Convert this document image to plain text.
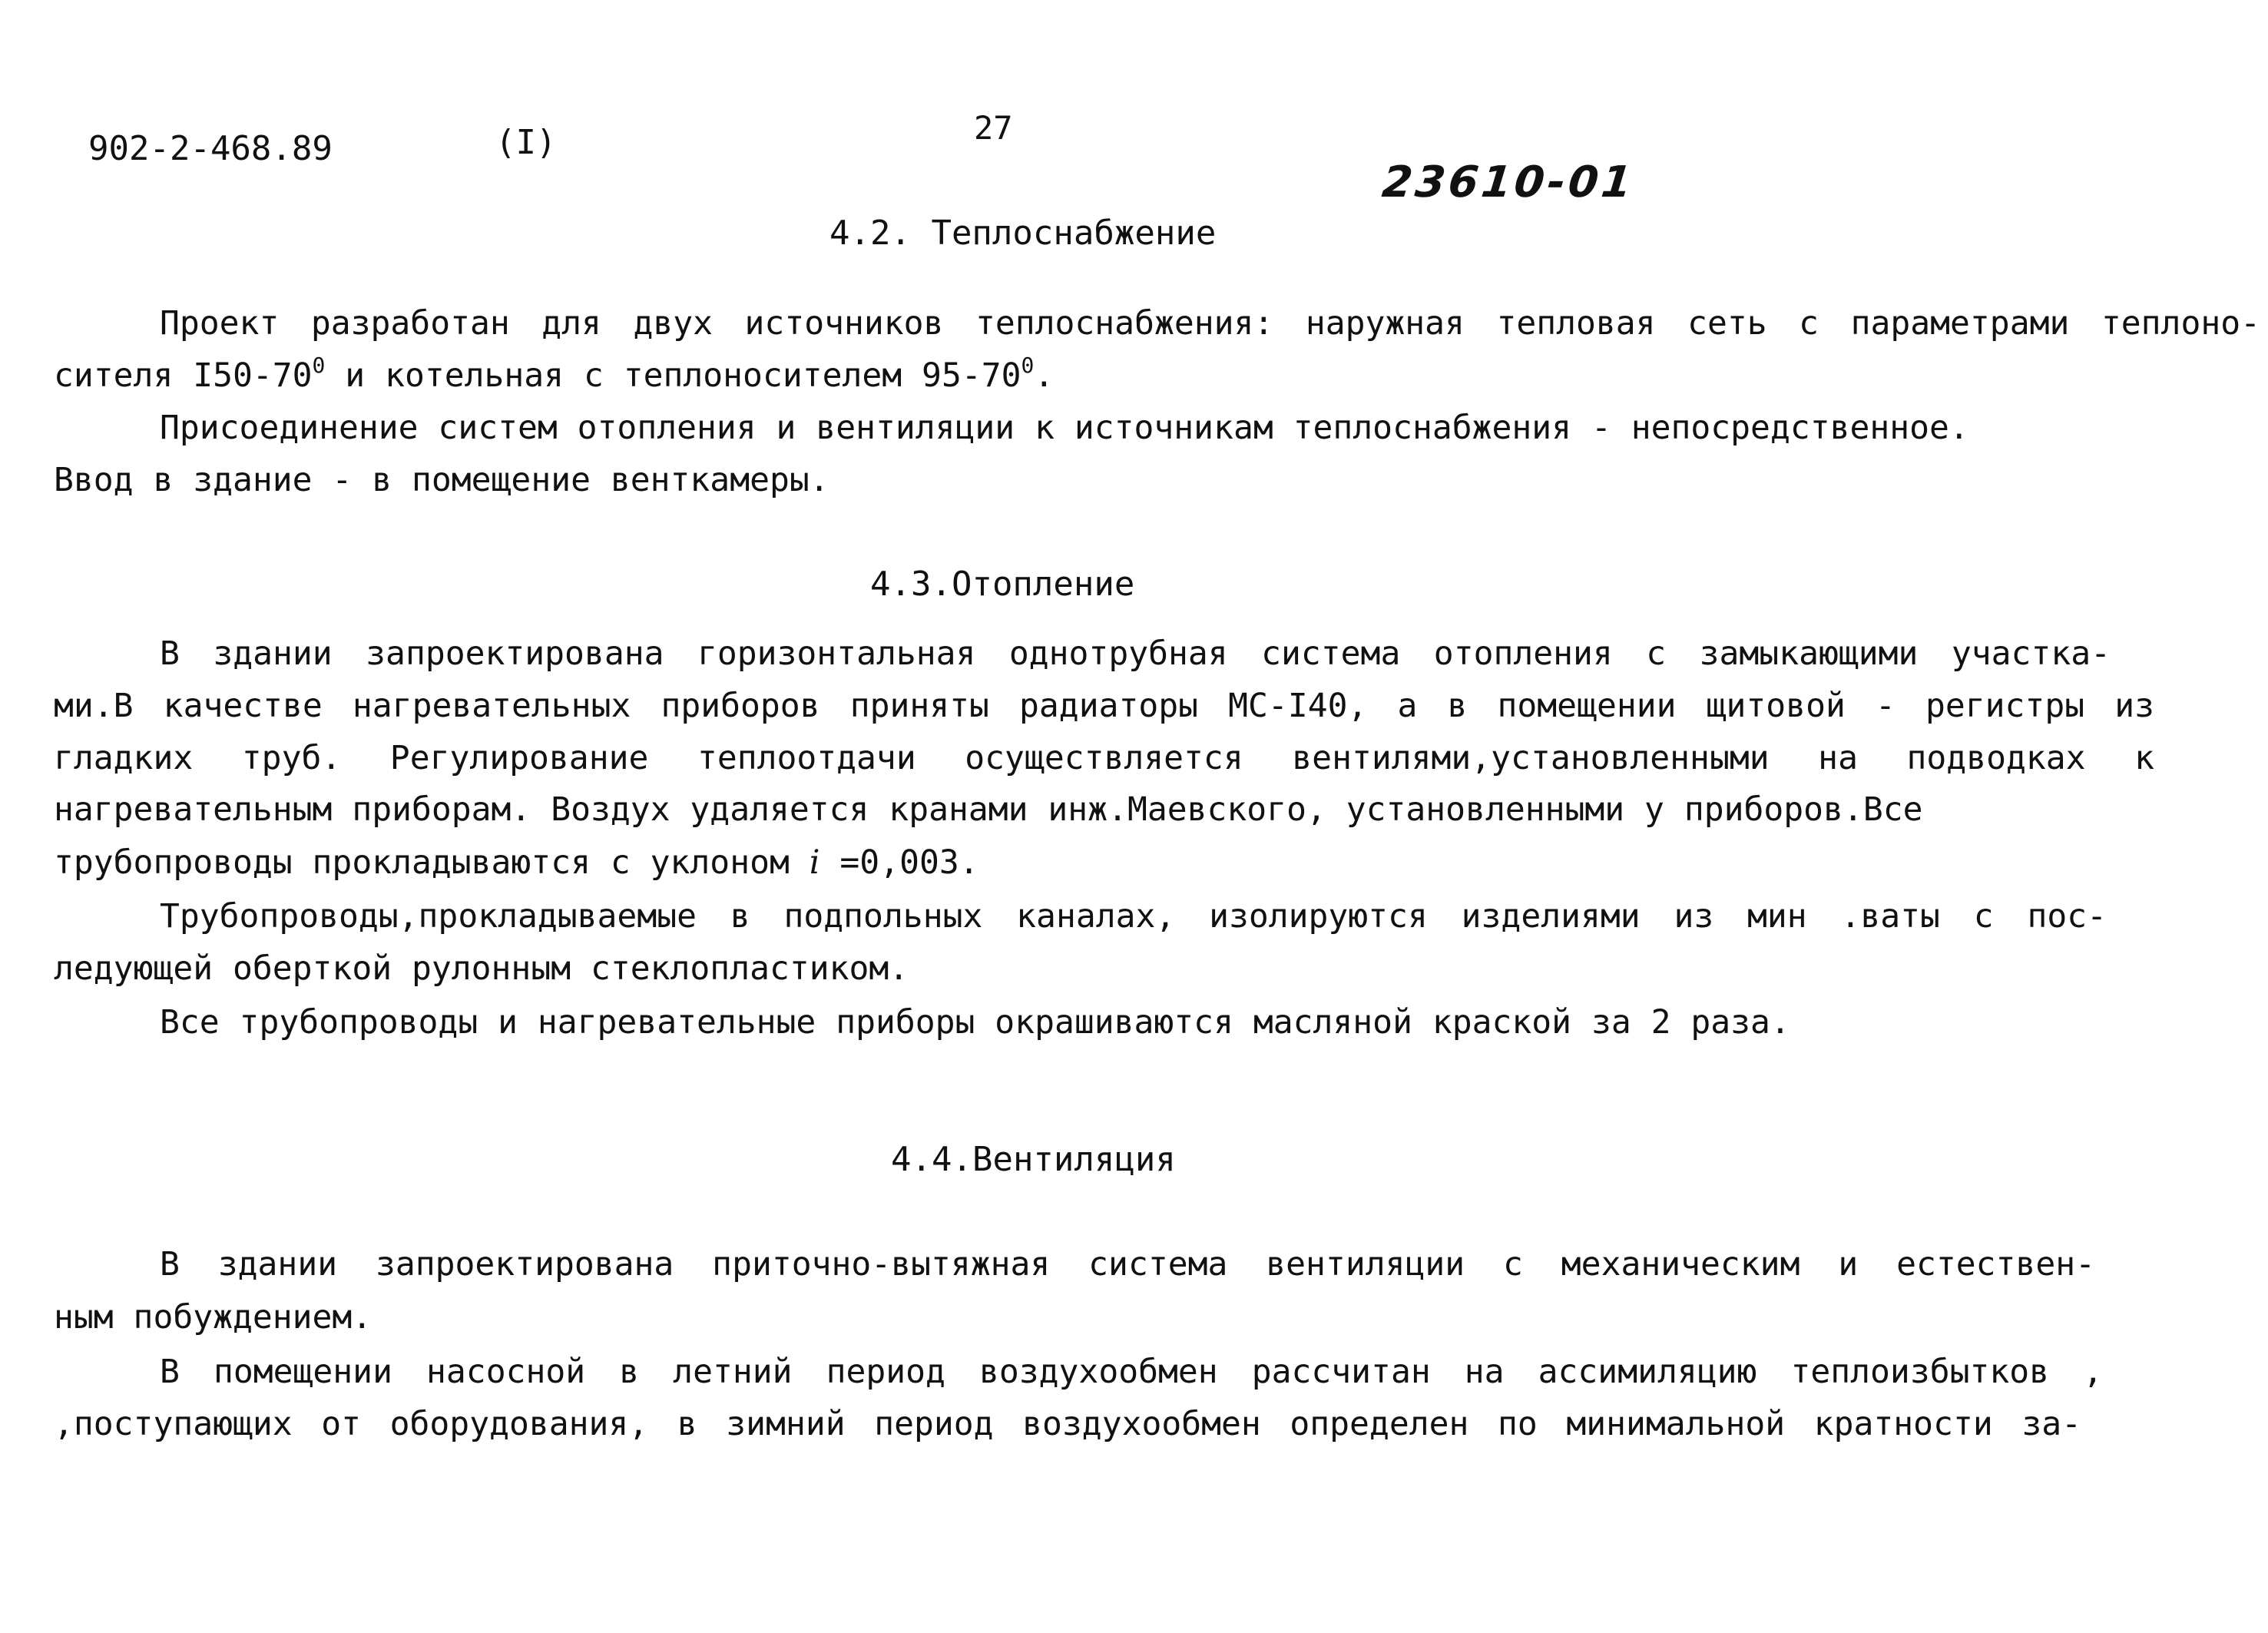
902-2-468.89	(I)	27
23610-01
4.2. Теплоснабжение
Проект разработан для двух источников теплоснабжения: наружная тепловая сеть с параметрами теплоно-
сителя $I50-70^0$ и котельная с теплоносителем $95-70^0$.
Присоединение систем отопления и вентиляции к источникам теплоснабжения - непосредственное.
Ввод в здание - в помещение венткамеры.
4.3.Отопление
В здании запроектирована горизонтальная однотрубная система отопления с замыкающими участка-
ми.В качестве нагревательных приборов приняты радиаторы МС-I40, а в помещении щитовой - регистры из
гладких труб. Регулирование теплоотдачи осуществляется вентилями,установленными на подводках к
нагревательным приборам. Воздух удаляется кранами инж.Маевского, установленными у приборов.Все
трубопроводы прокладываются с уклоном i =0,003.
Трубопроводы,прокладываемые в подпольных каналах, изолируются изделиями из мин .ваты с пос-
ледующей оберткой рулонным стеклопластиком.
Все трубопроводы и нагревательные приборы окрашиваются масляной краской за 2 раза.
4.4.Вентиляция
В здании запроектирована приточно-вытяжная система вентиляции с механическим и естествен-
ным побуждением.
В помещении насосной в летний период воздухообмен рассчитан на ассимиляцию теплоизбытков ,
,поступающих от оборудования, в зимний период воздухообмен определен по минимальной кратности за-
